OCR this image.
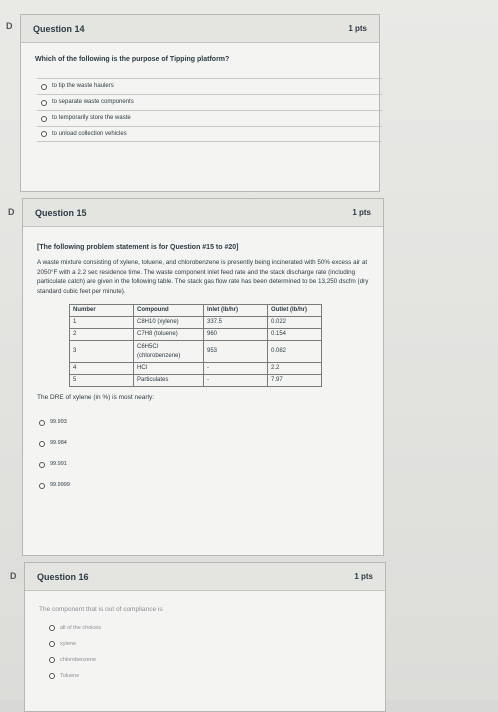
D	Question 14	1 pts
Which of the following is the purpose of Tipping platform?
to tip the waste haulers
to separate waste components
to temporarily store the waste
to unload collection vehicles
D	Question 15	1 pts
[The following problem statement is for Question #15 to #20]
A waste mixture consisting of xylene, toluene, and chlorobenzene is presently being incinerated with 50% excess air at 2050°F with a 2.2 sec residence time. The waste component inlet feed rate and the stack discharge rate (including particulate catch) are given in the following table. The stack gas flow rate has been determined to be 13,250 dscfm (dry standard cubic feet per minute).
Number	Compound	Inlet (lb/hr)	Outlet (lb/hr)
1	C8H10 (xylene)	337.5	0.022
2	C7H8 (toluene)	960	0.154
3	C6H5Cl (chlorobenzene)	953	0.082
4	HCl	-	2.2
5	Particulates	-	7.97
The DRE of xylene (in %) is most nearly:
99.993
99.984
99.991
99.9999
D	Question 16	1 pts
The component that is out of compliance is
all of the choices
xylene
chlorobenzene
Toluene
